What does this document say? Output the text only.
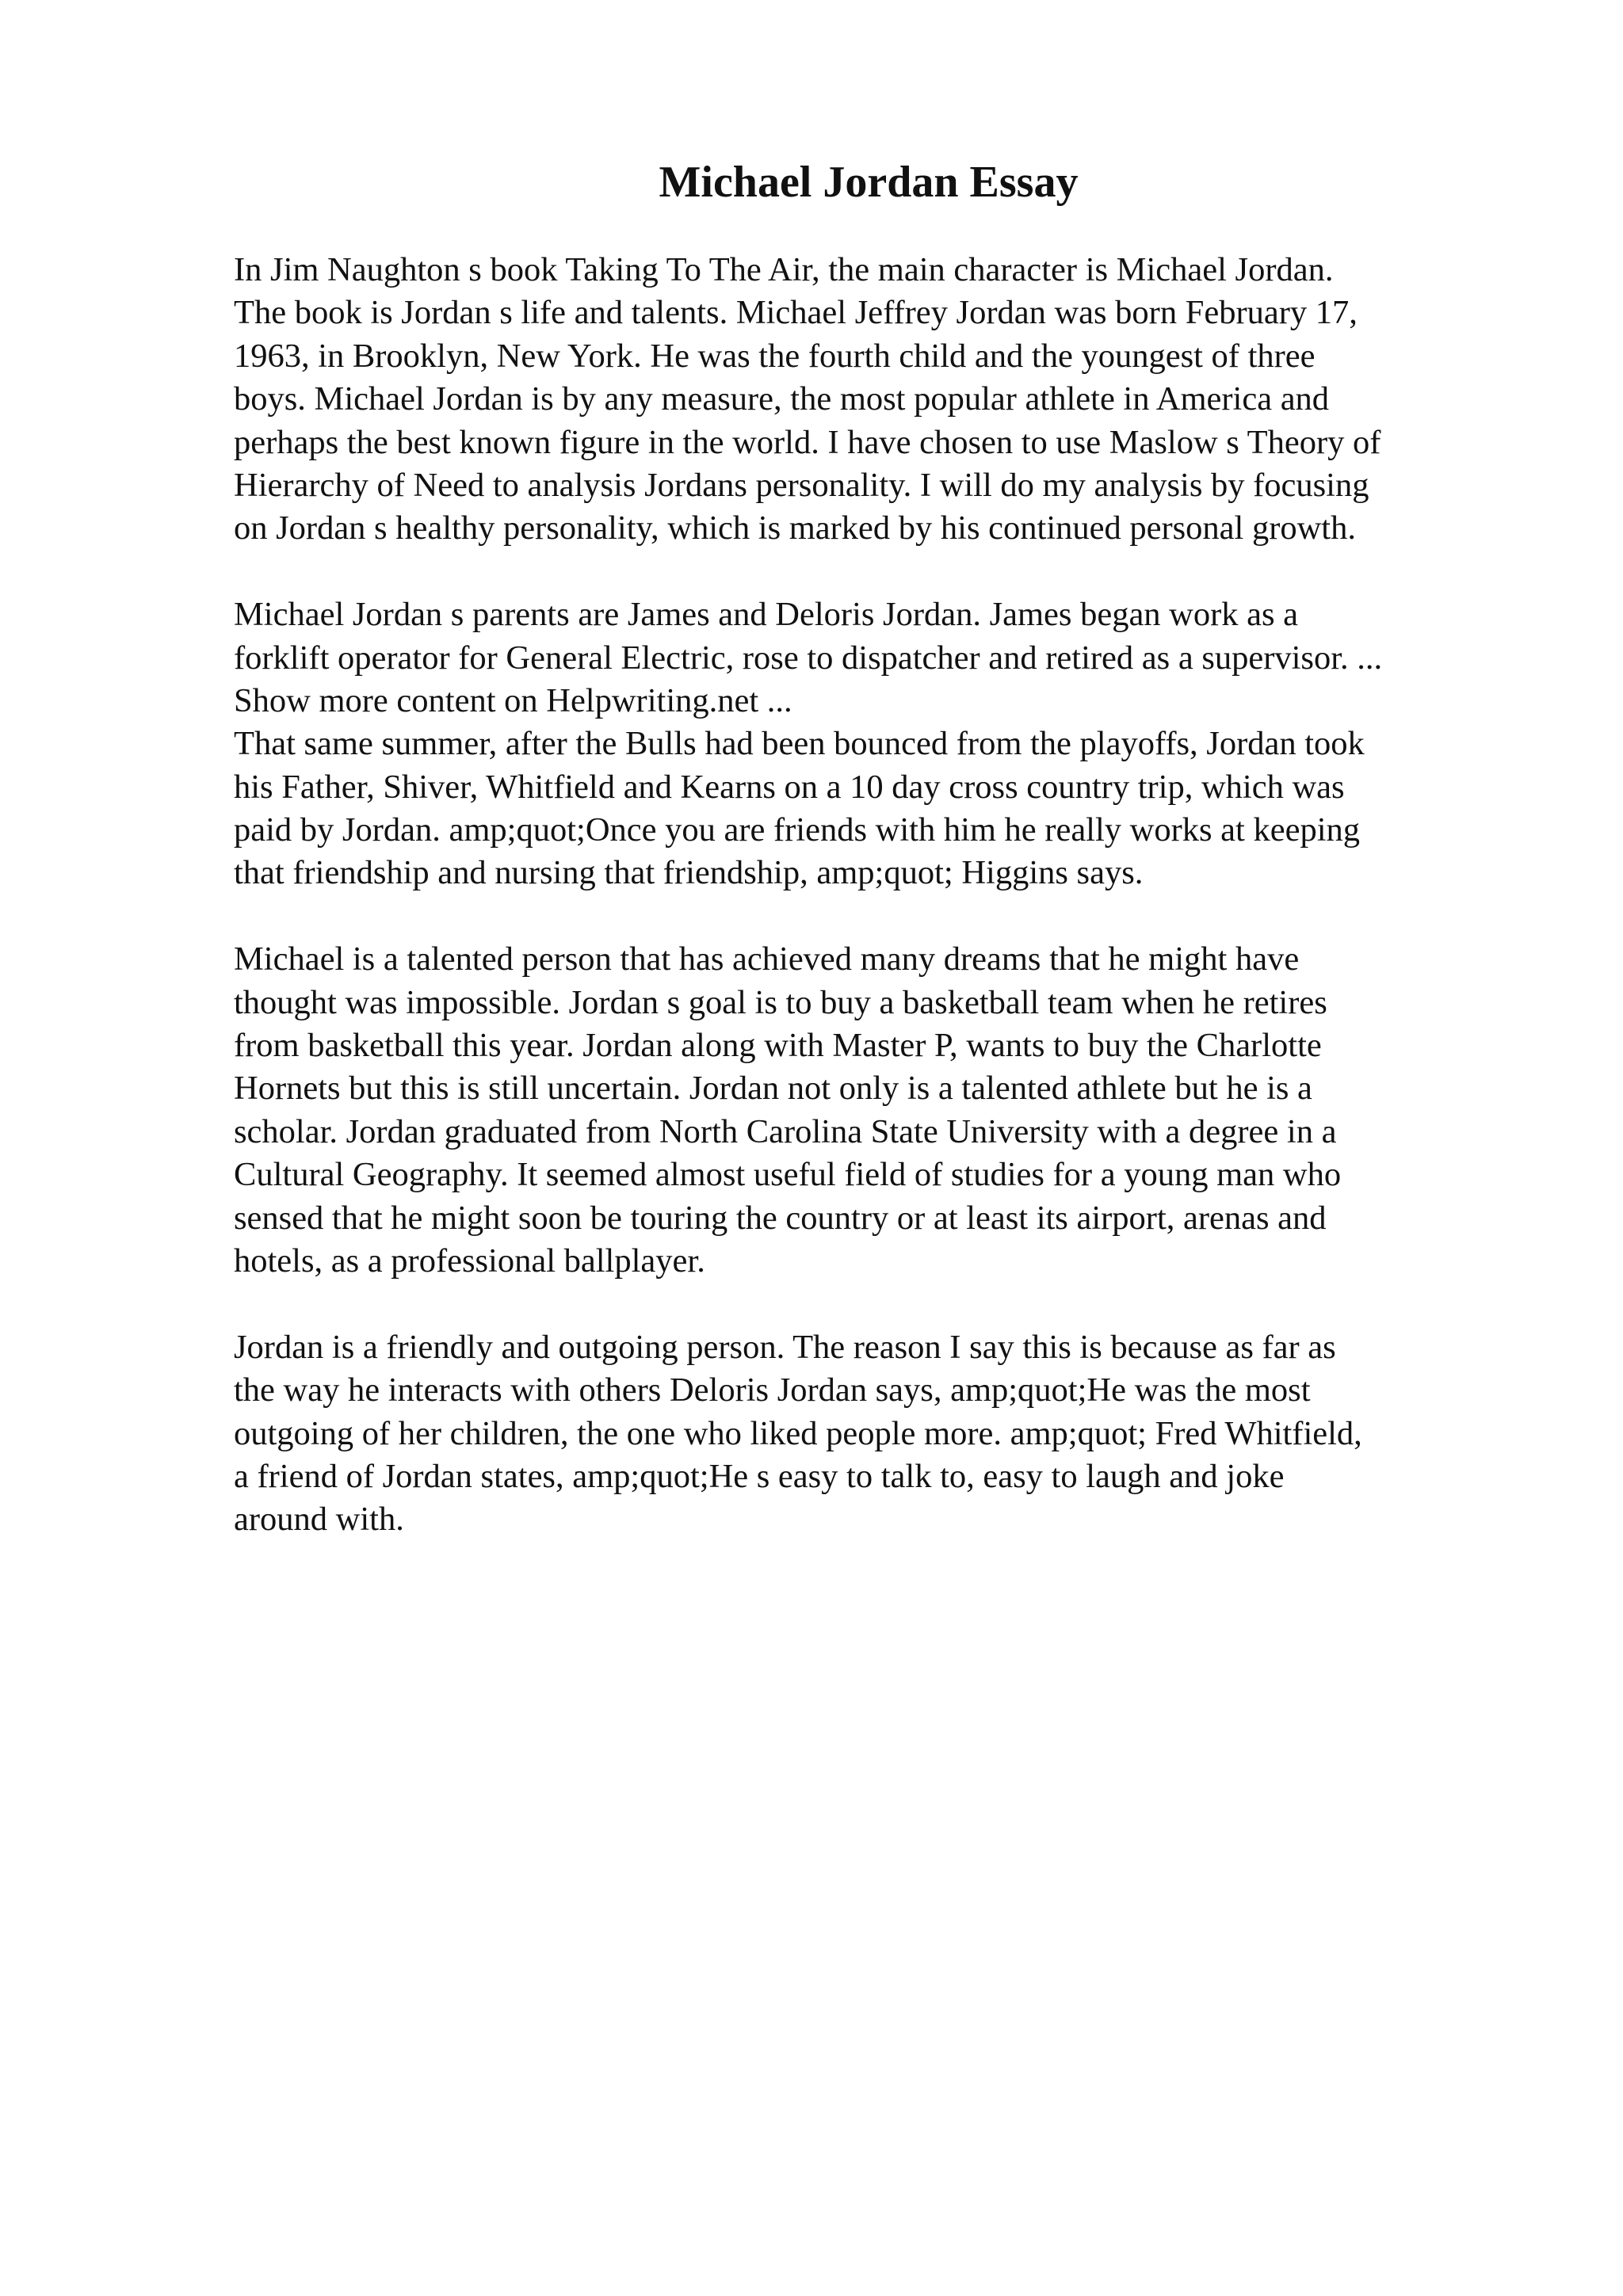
Michael Jordan Essay
In Jim Naughton s book Taking To The Air, the main character is Michael Jordan.
The book is Jordan s life and talents. Michael Jeffrey Jordan was born February 17,
1963, in Brooklyn, New York. He was the fourth child and the youngest of three
boys. Michael Jordan is by any measure, the most popular athlete in America and
perhaps the best known figure in the world. I have chosen to use Maslow s Theory of
Hierarchy of Need to analysis Jordans personality. I will do my analysis by focusing
on Jordan s healthy personality, which is marked by his continued personal growth.
Michael Jordan s parents are James and Deloris Jordan. James began work as a
forklift operator for General Electric, rose to dispatcher and retired as a supervisor. ...
Show more content on Helpwriting.net ...
That same summer, after the Bulls had been bounced from the playoffs, Jordan took
his Father, Shiver, Whitfield and Kearns on a 10 day cross country trip, which was
paid by Jordan. amp;quot;Once you are friends with him he really works at keeping
that friendship and nursing that friendship, amp;quot; Higgins says.
Michael is a talented person that has achieved many dreams that he might have
thought was impossible. Jordan s goal is to buy a basketball team when he retires
from basketball this year. Jordan along with Master P, wants to buy the Charlotte
Hornets but this is still uncertain. Jordan not only is a talented athlete but he is a
scholar. Jordan graduated from North Carolina State University with a degree in a
Cultural Geography. It seemed almost useful field of studies for a young man who
sensed that he might soon be touring the country or at least its airport, arenas and
hotels, as a professional ballplayer.
Jordan is a friendly and outgoing person. The reason I say this is because as far as
the way he interacts with others Deloris Jordan says, amp;quot;He was the most
outgoing of her children, the one who liked people more. amp;quot; Fred Whitfield,
a friend of Jordan states, amp;quot;He s easy to talk to, easy to laugh and joke
around with.
